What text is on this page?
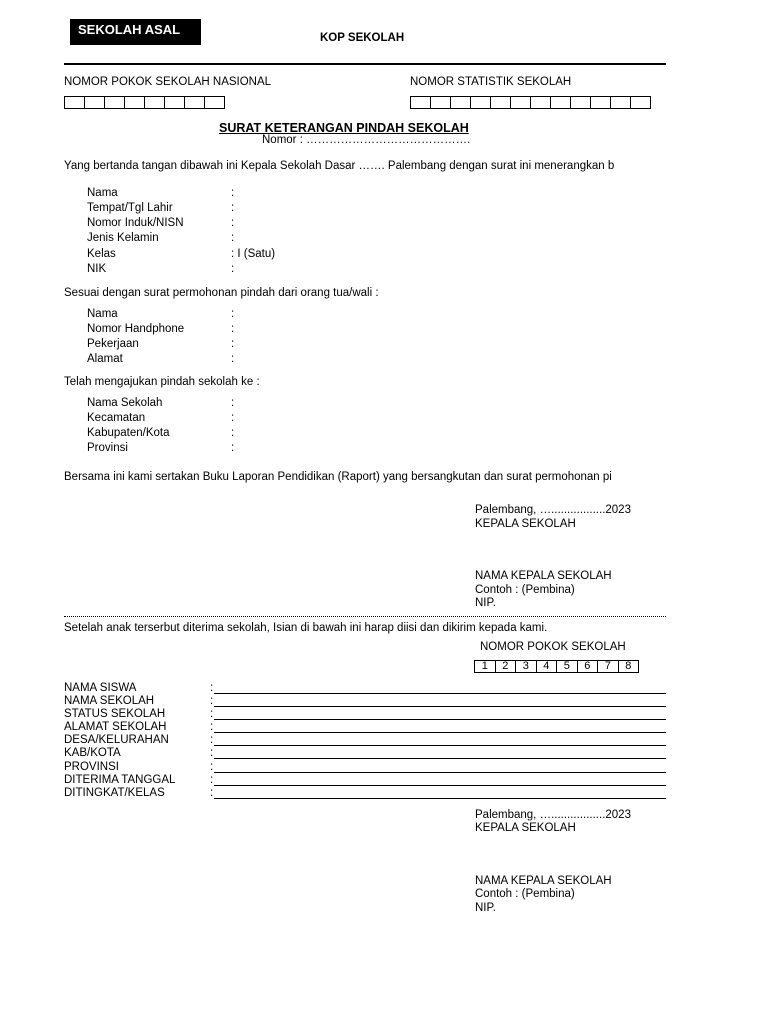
SEKOLAH ASAL
KOP SEKOLAH
NOMOR POKOK SEKOLAH NASIONAL	NOMOR STATISTIK SEKOLAH
SURAT KETERANGAN PINDAH SEKOLAH
Nomor : …………………………………….
Yang bertanda tangan dibawah ini Kepala Sekolah Dasar ……. Palembang dengan surat ini menerangkan b
Nama	:
Tempat/Tgl Lahir	:
Nomor Induk/NISN	:
Jenis Kelamin	:
Kelas	: I (Satu)
NIK	:
Sesuai dengan surat permohonan pindah dari orang tua/wali :
Nama	:
Nomor Handphone	:
Pekerjaan	:
Alamat	:
Telah mengajukan pindah sekolah ke :
Nama Sekolah	:
Kecamatan	:
Kabupaten/Kota	:
Provinsi	:
Bersama ini kami sertakan Buku Laporan Pendidikan (Raport) yang bersangkutan dan surat permohonan pi
Palembang, ….................2023
KEPALA SEKOLAH
NAMA KEPALA SEKOLAH
Contoh : (Pembina)
NIP.
Setelah anak terserbut diterima sekolah, Isian di bawah ini harap diisi dan dikirim kepada kami.
NOMOR POKOK SEKOLAH
1	2	3	4	5	6	7	8
NAMA SISWA	:
NAMA SEKOLAH	:
STATUS SEKOLAH	:
ALAMAT SEKOLAH	:
DESA/KELURAHAN	:
KAB/KOTA	:
PROVINSI	:
DITERIMA TANGGAL	:
DITINGKAT/KELAS	:
Palembang, ….................2023
KEPALA SEKOLAH
NAMA KEPALA SEKOLAH
Contoh : (Pembina)
NIP.
